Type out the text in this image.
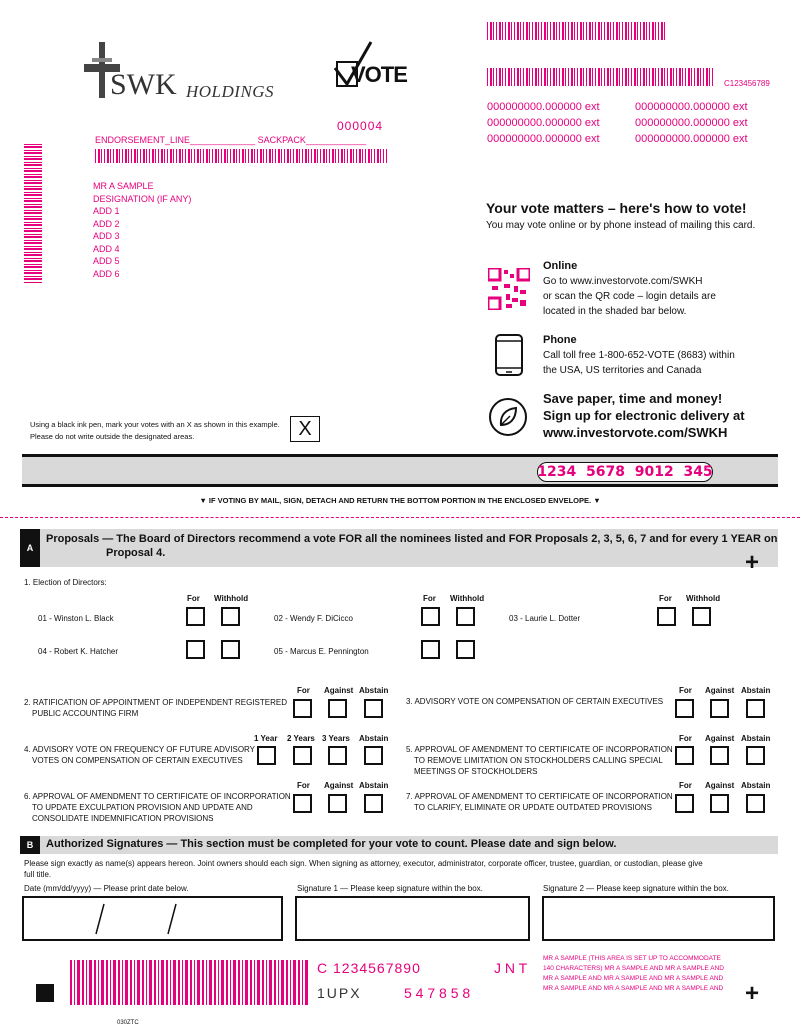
SWK HOLDINGS
VOTE	C123456789
000000000.000000 ext	000000000.000000 ext
000000000.000000 ext	000000000.000000 ext
000000000.000000 ext	000000000.000000 ext
000004
ENDORSEMENT_LINE_____________ SACKPACK____________
MR A SAMPLE
DESIGNATION (IF ANY)
ADD 1
ADD 2
ADD 3
ADD 4
ADD 5
ADD 6
Your vote matters – here's how to vote!
You may vote online or by phone instead of mailing this card.
Online
Go to www.investorvote.com/SWKH
or scan the QR code – login details are
located in the shaded bar below.
Phone
Call toll free 1-800-652-VOTE (8683) within
the USA, US territories and Canada
Save paper, time and money!
Sign up for electronic delivery at
www.investorvote.com/SWKH
Using a black ink pen, mark your votes with an X as shown in this example.
Please do not write outside the designated areas.	X
1234  5678  9012  345
▼ IF VOTING BY MAIL, SIGN, DETACH AND RETURN THE BOTTOM PORTION IN THE ENCLOSED ENVELOPE. ▼
A
Proposals — The Board of Directors recommend a vote FOR all the nominees listed and FOR Proposals 2, 3, 5, 6, 7 and for every 1 YEAR on
Proposal 4.	+
1. Election of Directors:
For Withhold	For Withhold	For Withhold
01 - Winston L. Black	02 - Wendy F. DiCicco	03 - Laurie L. Dotter
04 - Robert K. Hatcher	05 - Marcus E. Pennington
2. RATIFICATION OF APPOINTMENT OF INDEPENDENT REGISTERED
PUBLIC ACCOUNTING FIRM
For Against Abstain
3. ADVISORY VOTE ON COMPENSATION OF CERTAIN EXECUTIVES
For Against Abstain
4. ADVISORY VOTE ON FREQUENCY OF FUTURE ADVISORY
VOTES ON COMPENSATION OF CERTAIN EXECUTIVES
1 Year 2 Years 3 Years Abstain
5. APPROVAL OF AMENDMENT TO CERTIFICATE OF INCORPORATION
TO REMOVE LIMITATION ON STOCKHOLDERS CALLING SPECIAL
MEETINGS OF STOCKHOLDERS
For Against Abstain
6. APPROVAL OF AMENDMENT TO CERTIFICATE OF INCORPORATION
TO UPDATE EXCULPATION PROVISION AND UPDATE AND
CONSOLIDATE INDEMNIFICATION PROVISIONS
For Against Abstain
7. APPROVAL OF AMENDMENT TO CERTIFICATE OF INCORPORATION
TO CLARIFY, ELIMINATE OR UPDATE OUTDATED PROVISIONS
For Against Abstain
B	Authorized Signatures — This section must be completed for your vote to count. Please date and sign below.
Please sign exactly as name(s) appears hereon. Joint owners should each sign. When signing as attorney, executor, administrator, corporate officer, trustee, guardian, or custodian, please give
full title.
Date (mm/dd/yyyy) — Please print date below.	Signature 1 — Please keep signature within the box.	Signature 2 — Please keep signature within the box.
C 1234567890	J N T
1UPX	5 4 7 8 5 8
MR A SAMPLE (THIS AREA IS SET UP TO ACCOMMODATE 140 CHARACTERS) MR A SAMPLE AND MR A SAMPLE AND MR A SAMPLE AND MR A SAMPLE AND MR A SAMPLE AND MR A SAMPLE AND MR A SAMPLE AND MR A SAMPLE AND +
030ZTC
